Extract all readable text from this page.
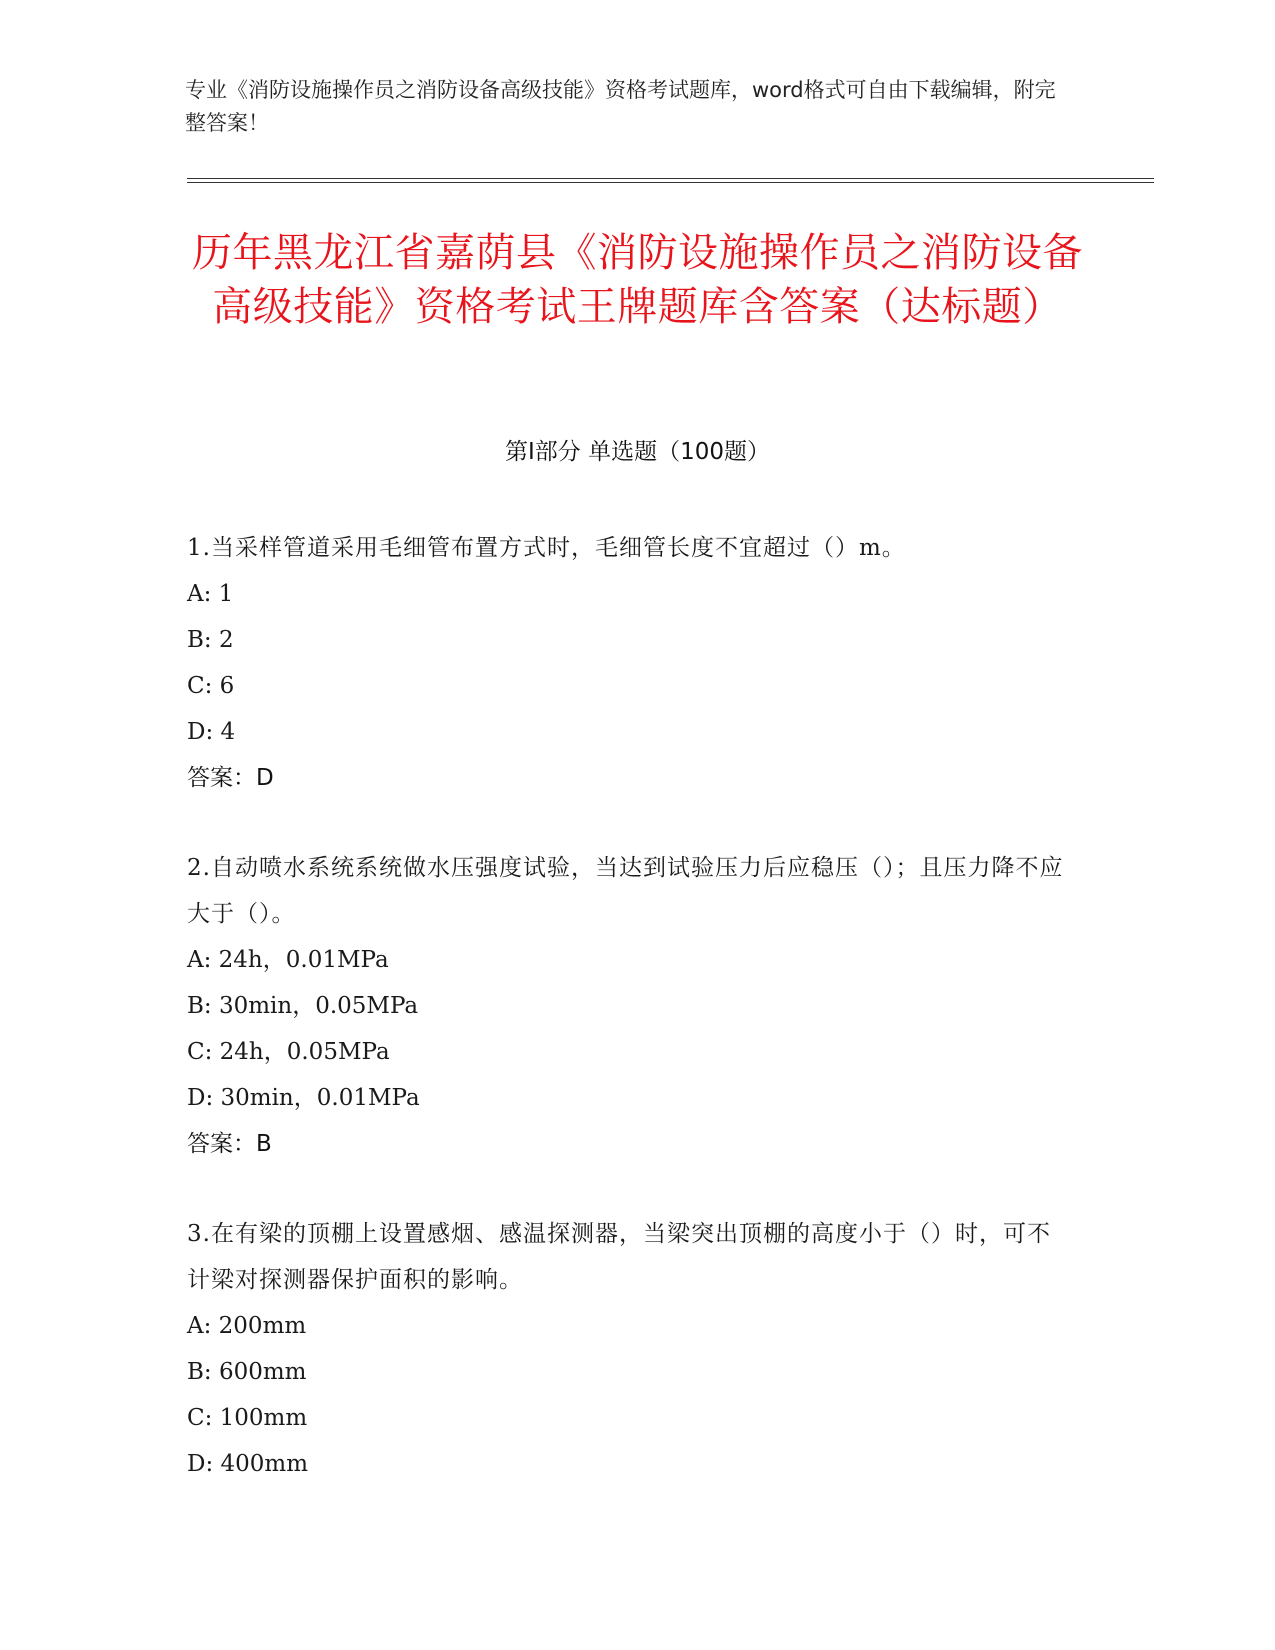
专业《消防设施操作员之消防设备高级技能》资格考试题库，word格式可自由下载编辑，附完整答案！
历年黑龙江省嘉荫县《消防设施操作员之消防设备高级技能》资格考试王牌题库含答案（达标题）
第Ⅰ部分 单选题（100题）
1.当采样管道采用毛细管布置方式时，毛细管长度不宜超过（）m。
A: 1
B: 2
C: 6
D: 4
答案：D
2.自动喷水系统系统做水压强度试验，当达到试验压力后应稳压（）；且压力降不应大于（）。
A: 24h，0.01MPa
B: 30min，0.05MPa
C: 24h，0.05MPa
D: 30min，0.01MPa
答案：B
3.在有梁的顶棚上设置感烟、感温探测器，当梁突出顶棚的高度小于（）时，可不计梁对探测器保护面积的影响。
A: 200mm
B: 600mm
C: 100mm
D: 400mm
